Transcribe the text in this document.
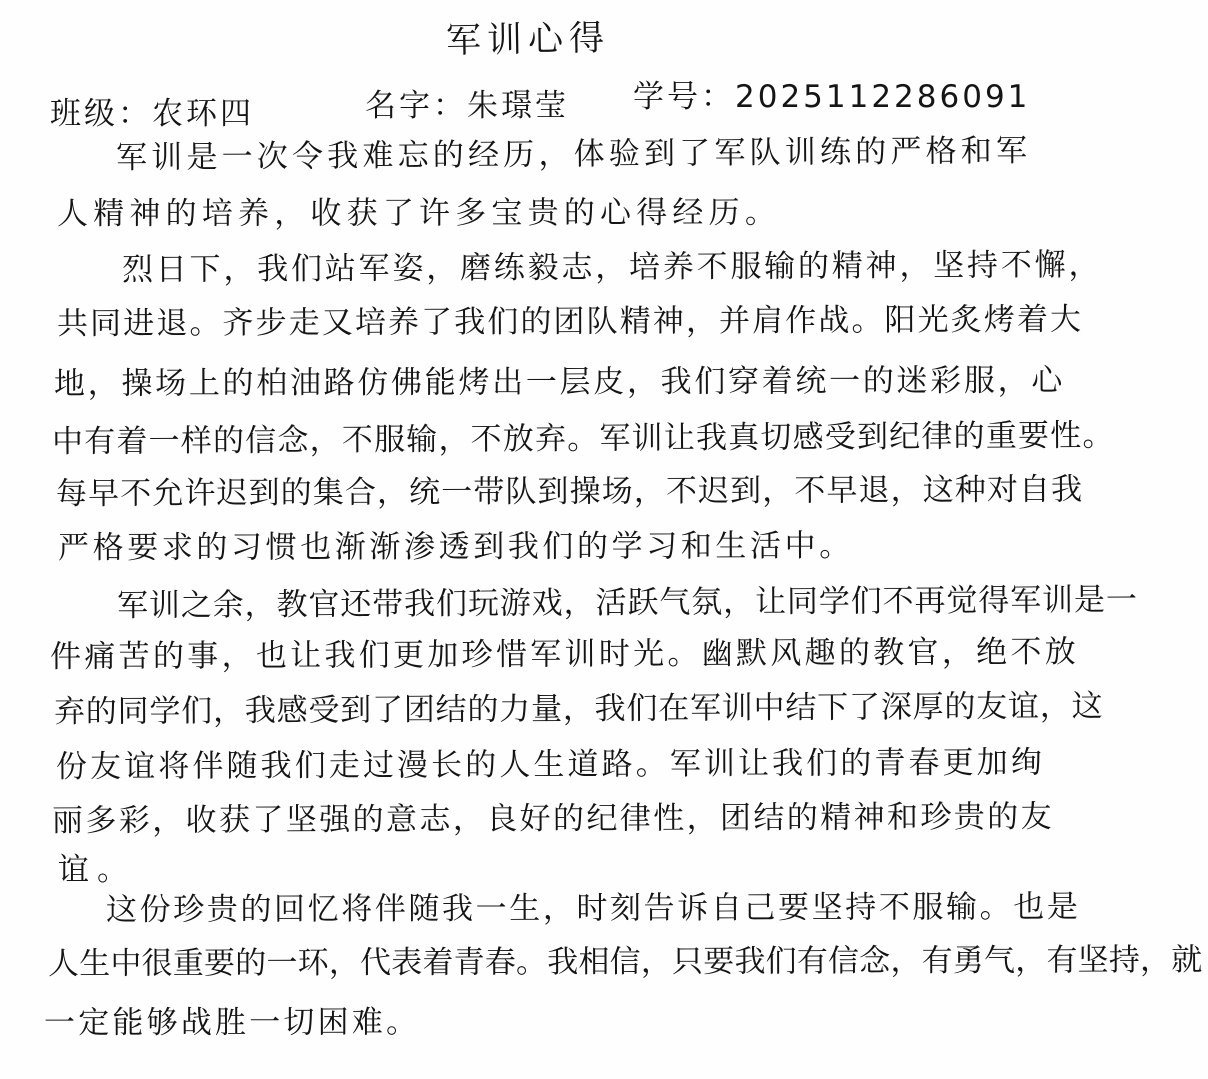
军训心得
班级：农环四	名字：朱璟莹 学号：2025112286091
军训是一次令我难忘的经历，体验到了军队训练的严格和军
人精神的培养，收获了许多宝贵的心得经历。
烈日下，我们站军姿，磨练毅志，培养不服输的精神，坚持不懈，
共同进退。齐步走又培养了我们的团队精神，并肩作战。阳光炙烤着大
地，操场上的柏油路仿佛能烤出一层皮，我们穿着统一的迷彩服，心
中有着一样的信念，不服输，不放弃。军训让我真切感受到纪律的重要性。
每早不允许迟到的集合，统一带队到操场，不迟到，不早退，这种对自我
严格要求的习惯也渐渐渗透到我们的学习和生活中。
军训之余，教官还带我们玩游戏，活跃气氛，让同学们不再觉得军训是一
件痛苦的事，也让我们更加珍惜军训时光。幽默风趣的教官，绝不放
弃的同学们，我感受到了团结的力量，我们在军训中结下了深厚的友谊，这
份友谊将伴随我们走过漫长的人生道路。军训让我们的青春更加绚
丽多彩，收获了坚强的意志，良好的纪律性，团结的精神和珍贵的友
谊。
这份珍贵的回忆将伴随我一生，时刻告诉自己要坚持不服输。也是
人生中很重要的一环，代表着青春。我相信，只要我们有信念，有勇气，有坚持，就
一定能够战胜一切困难。
